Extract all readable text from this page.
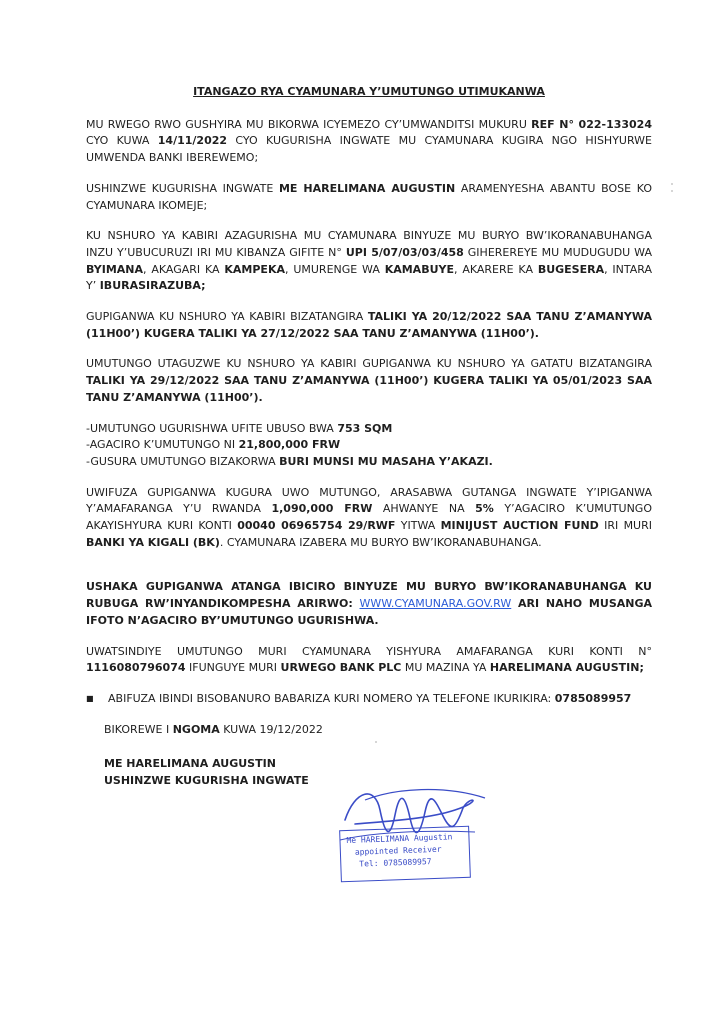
ITANGAZO RYA CYAMUNARA Y’UMUTUNGO UTIMUKANWA
MU RWEGO RWO GUSHYIRA MU BIKORWA ICYEMEZO CY’UMWANDITSI MUKURU REF N° 022-133024 CYO KUWA 14/11/2022 CYO KUGURISHA INGWATE MU CYAMUNARA KUGIRA NGO HISHYURWE UMWENDA BANKI IBEREWEMO;
USHINZWE KUGURISHA INGWATE ME HARELIMANA AUGUSTIN ARAMENYESHA ABANTU BOSE KO CYAMUNARA IKOMEJE;
KU NSHURO YA KABIRI AZAGURISHA MU CYAMUNARA BINYUZE MU BURYO BW’IKORANABUHANGA INZU Y’UBUCURUZI IRI MU KIBANZA GIFITE N° UPI 5/07/03/03/458 GIHEREREYE MU MUDUGUDU WA BYIMANA, AKAGARI KA KAMPEKA, UMURENGE WA KAMABUYE, AKARERE KA BUGESERA, INTARA Y’ IBURASIRAZUBA;
GUPIGANWA KU NSHURO YA KABIRI BIZATANGIRA TALIKI YA 20/12/2022 SAA TANU Z’AMANYWA (11H00’) KUGERA TALIKI YA 27/12/2022 SAA TANU Z’AMANYWA (11H00’).
UMUTUNGO UTAGUZWE KU NSHURO YA KABIRI GUPIGANWA KU NSHURO YA GATATU BIZATANGIRA TALIKI YA 29/12/2022 SAA TANU Z’AMANYWA (11H00’) KUGERA TALIKI YA 05/01/2023 SAA TANU Z’AMANYWA (11H00’).
-UMUTUNGO UGURISHWA UFITE UBUSO BWA 753 SQM
-AGACIRO K’UMUTUNGO NI 21,800,000 FRW
-GUSURA UMUTUNGO BIZAKORWA BURI MUNSI MU MASAHA Y’AKAZI.
UWIFUZA GUPIGANWA KUGURA UWO MUTUNGO, ARASABWA GUTANGA INGWATE Y’IPIGANWA Y’AMAFARANGA Y’U RWANDA 1,090,000 FRW AHWANYE NA 5% Y’AGACIRO K’UMUTUNGO AKAYISHYURA KURI KONTI 00040 06965754 29/RWF YITWA MINIJUST AUCTION FUND IRI MURI BANKI YA KIGALI (BK). CYAMUNARA IZABERA MU BURYO BW’IKORANABUHANGA.
USHAKA GUPIGANWA ATANGA IBICIRO BINYUZE MU BURYO BW’IKORANABUHANGA KU RUBUGA RW’INYANDIKOMPESHA ARIRWO: WWW.CYAMUNARA.GOV.RW ARI NAHO MUSANGA IFOTO N’AGACIRO BY’UMUTUNGO UGURISHWA.
UWATSINDIYE UMUTUNGO MURI CYAMUNARA YISHYURA AMAFARANGA KURI KONTI N° 1116080796074 IFUNGUYE MURI URWEGO BANK PLC MU MAZINA YA HARELIMANA AUGUSTIN;
■	ABIFUZA IBINDI BISOBANURO BABARIZA KURI NOMERO YA TELEFONE IKURIKIRA: 0785089957
BIKOREWE I NGOMA KUWA 19/12/2022
ME HARELIMANA AUGUSTIN
USHINZWE KUGURISHA INGWATE
Me HARELIMANA Augustin
appointed Receiver
Tel: 0785089957
